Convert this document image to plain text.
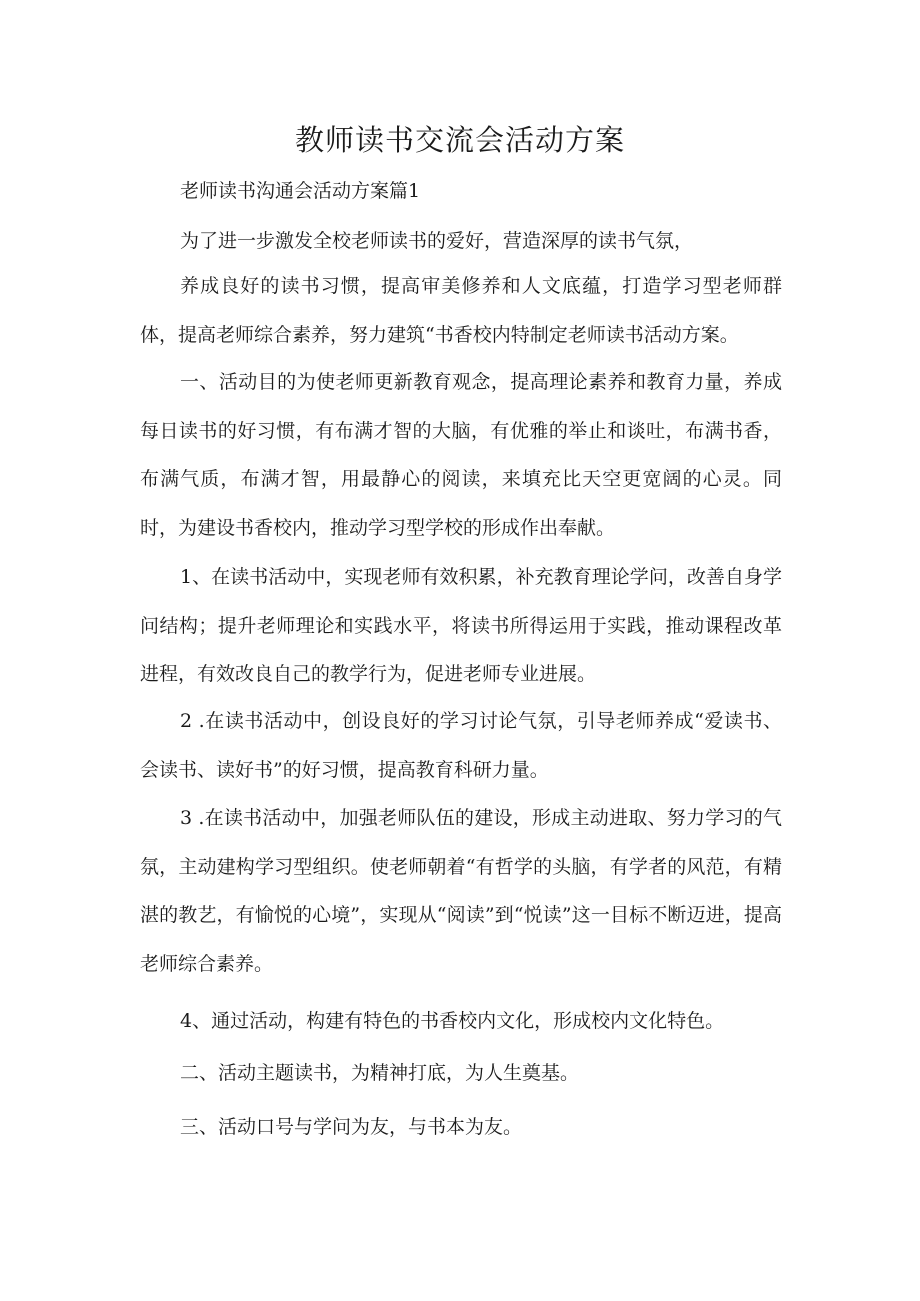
教师读书交流会活动方案

老师读书沟通会活动方案篇1

为了进一步激发全校老师读书的爱好，营造深厚的读书气氛，

养成良好的读书习惯，提高审美修养和人文底蕴，打造学习型老师群体，提高老师综合素养，努力建筑“书香校内特制定老师读书活动方案。

一、活动目的为使老师更新教育观念，提高理论素养和教育力量，养成每日读书的好习惯，有布满才智的大脑，有优雅的举止和谈吐，布满书香，布满气质，布满才智，用最静心的阅读，来填充比天空更宽阔的心灵。同时，为建设书香校内，推动学习型学校的形成作出奉献。

1、在读书活动中，实现老师有效积累，补充教育理论学问，改善自身学问结构；提升老师理论和实践水平，将读书所得运用于实践，推动课程改革进程，有效改良自己的教学行为，促进老师专业进展。

2 .在读书活动中，创设良好的学习讨论气氛，引导老师养成“爱读书、会读书、读好书”的好习惯，提高教育科研力量。

3 .在读书活动中，加强老师队伍的建设，形成主动进取、努力学习的气氛，主动建构学习型组织。使老师朝着“有哲学的头脑，有学者的风范，有精湛的教艺，有愉悦的心境”，实现从“阅读”到“悦读”这一目标不断迈进，提高老师综合素养。

4、通过活动，构建有特色的书香校内文化，形成校内文化特色。

二、活动主题读书，为精神打底，为人生奠基。

三、活动口号与学问为友，与书本为友。
